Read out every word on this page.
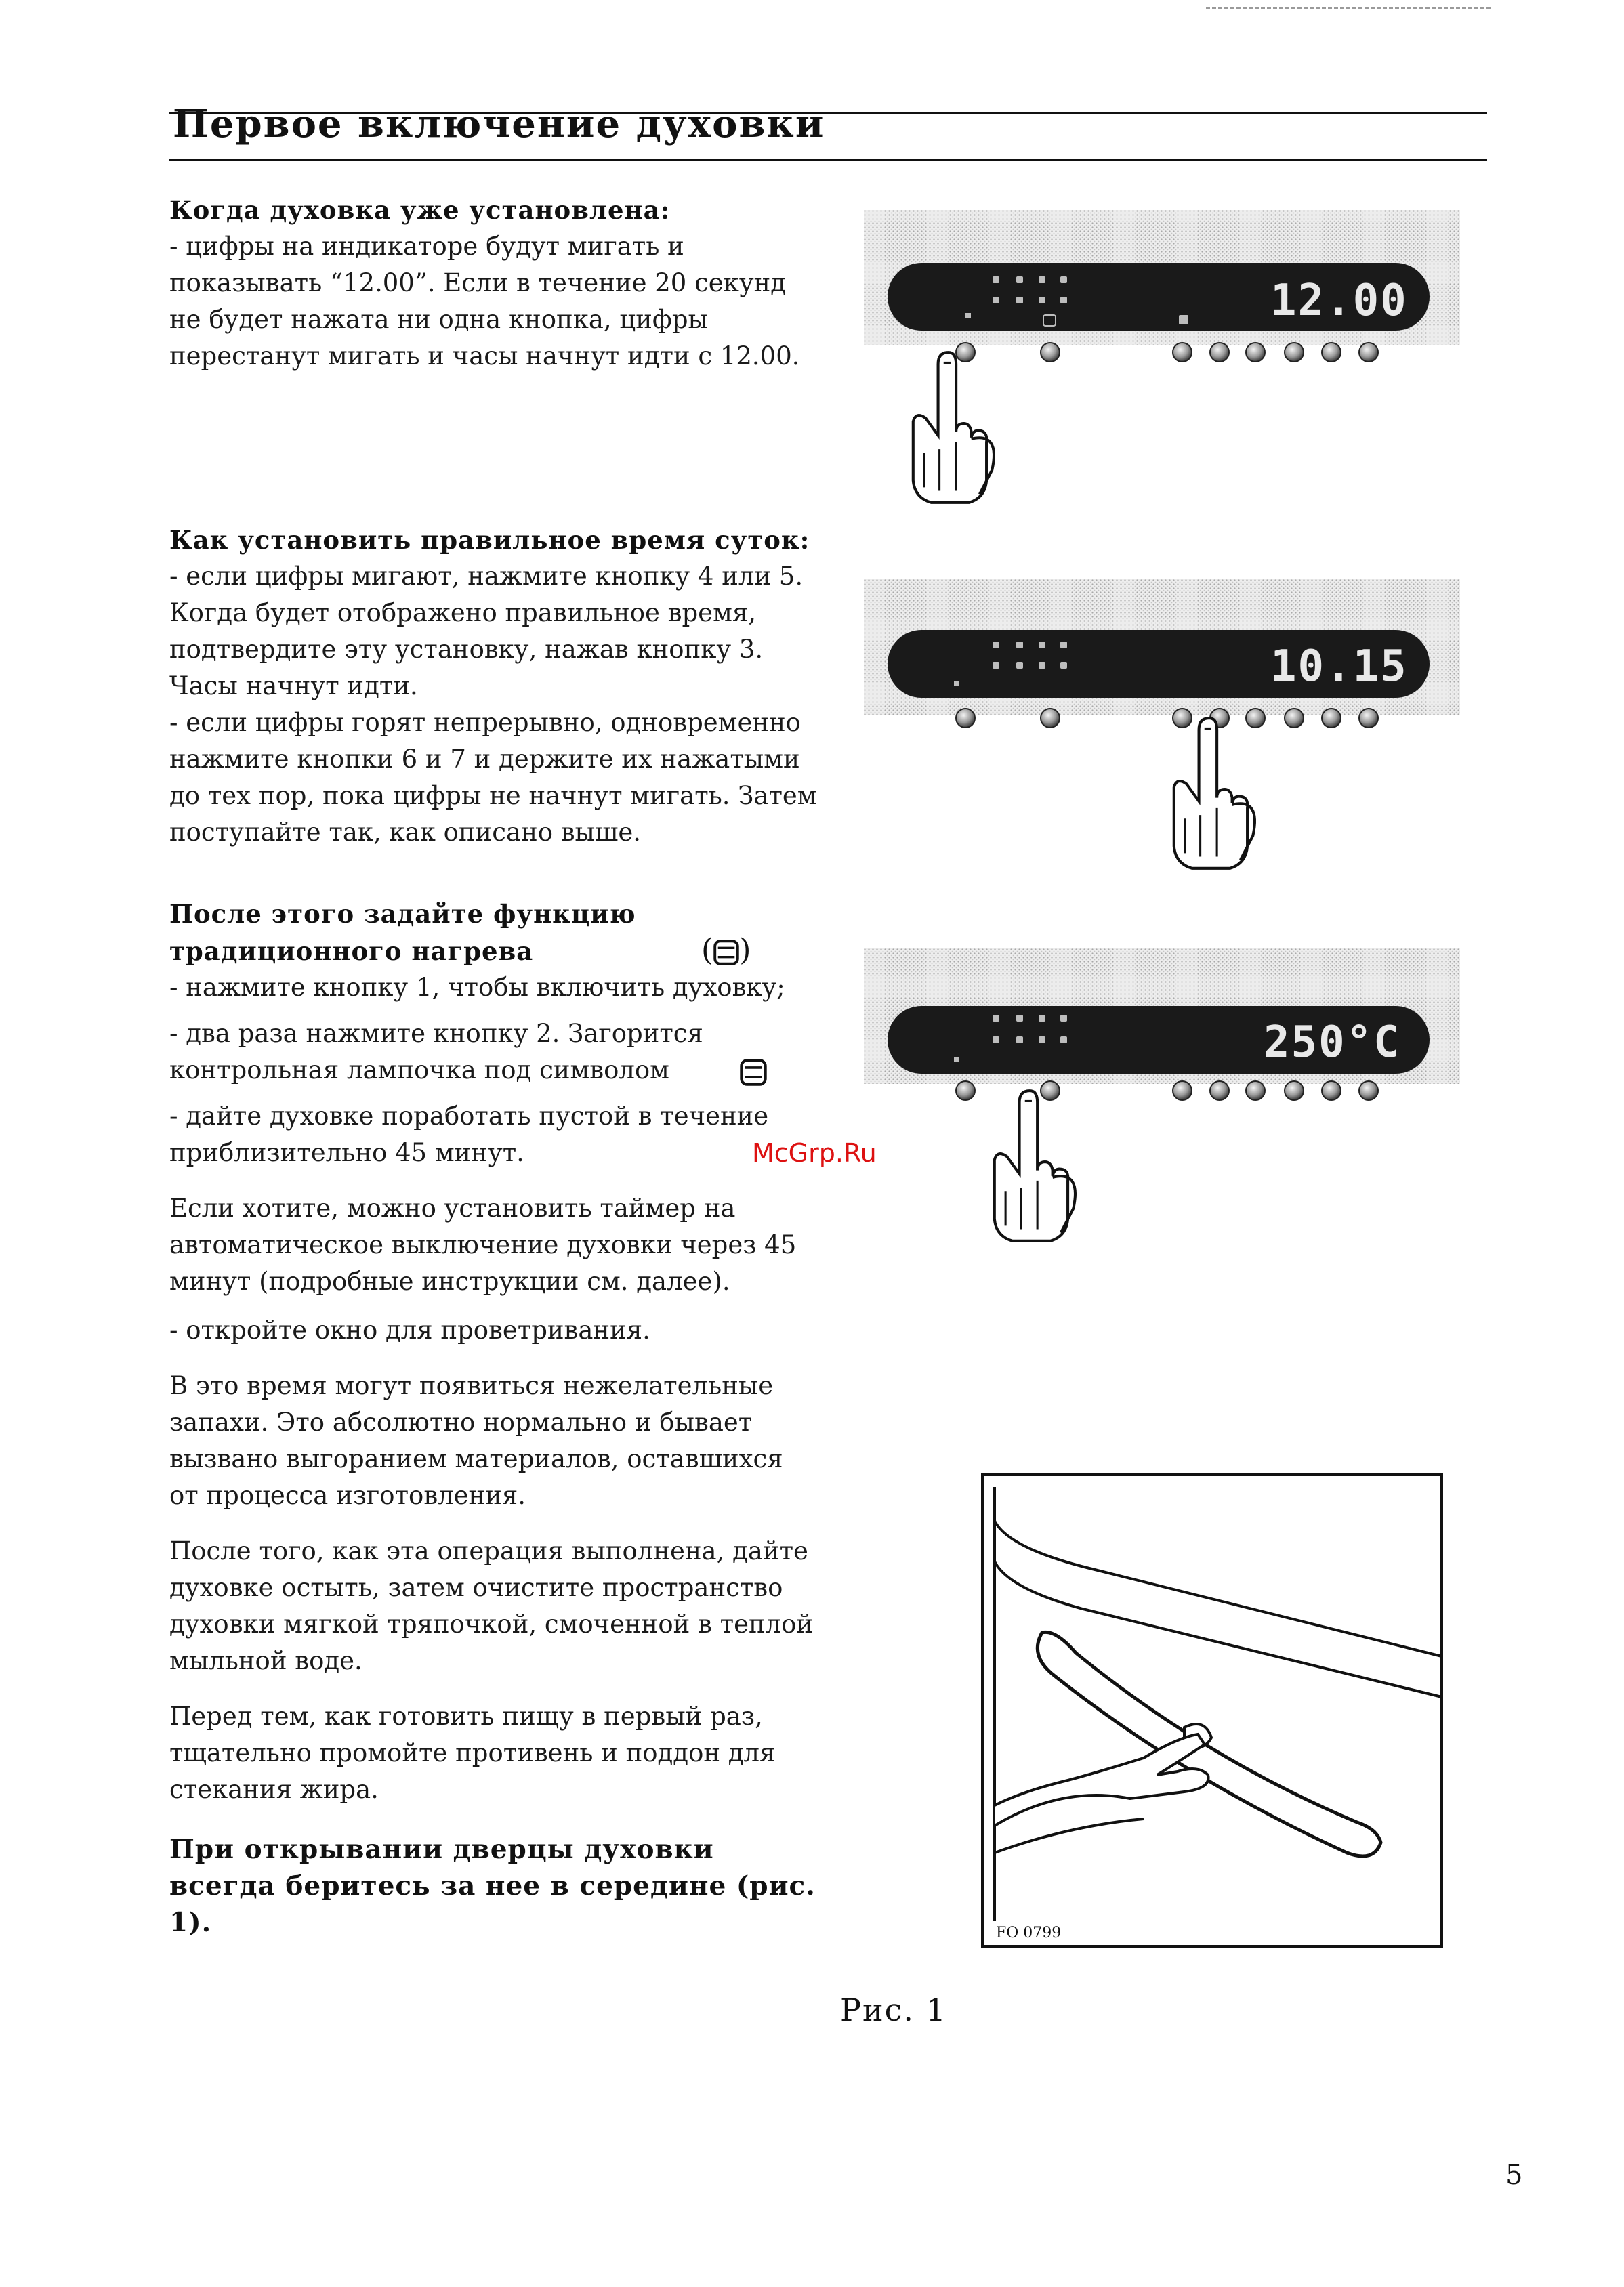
Первое включение духовки

Когда духовка уже установлена:

- цифры на индикаторе будут мигать и показывать “12.00”. Если в течение 20 секунд не будет нажата ни одна кнопка, цифры перестанут мигать и часы начнут идти с 12.00.

Как установить правильное время суток:

- если цифры мигают, нажмите кнопку 4 или 5. Когда будет отображено правильное время, подтвердите эту установку, нажав кнопку 3. Часы начнут идти.

- если цифры горят непрерывно, одновременно нажмите кнопки 6 и 7 и держите их нажатыми до тех пор, пока цифры не начнут мигать. Затем поступайте так, как описано выше.

После этого задайте функцию

традиционного нагрева	( )

- нажмите кнопку 1, чтобы включить духовку;

- два раза нажмите кнопку 2. Загорится контрольная лампочка под символом

- дайте духовке поработать пустой в течение приблизительно 45 минут.

Если хотите, можно установить таймер на автоматическое выключение духовки через 45 минут (подробные инструкции см. далее).

- откройте окно для проветривания.

В это время могут появиться нежелательные запахи. Это абсолютно нормально и бывает вызвано выгоранием материалов, оставшихся от процесса изготовления.

После того, как эта операция выполнена, дайте духовке остыть, затем очистите пространство духовки мягкой тряпочкой, смоченной в теплой мыльной воде.

Перед тем, как готовить пищу в первый раз, тщательно промойте противень и поддон для стекания жира.

При открывании дверцы духовки всегда беритесь за нее в середине (рис. 1).

12.00
10.15
250°C
FO 0799
Рис. 1
McGrp.Ru
5
